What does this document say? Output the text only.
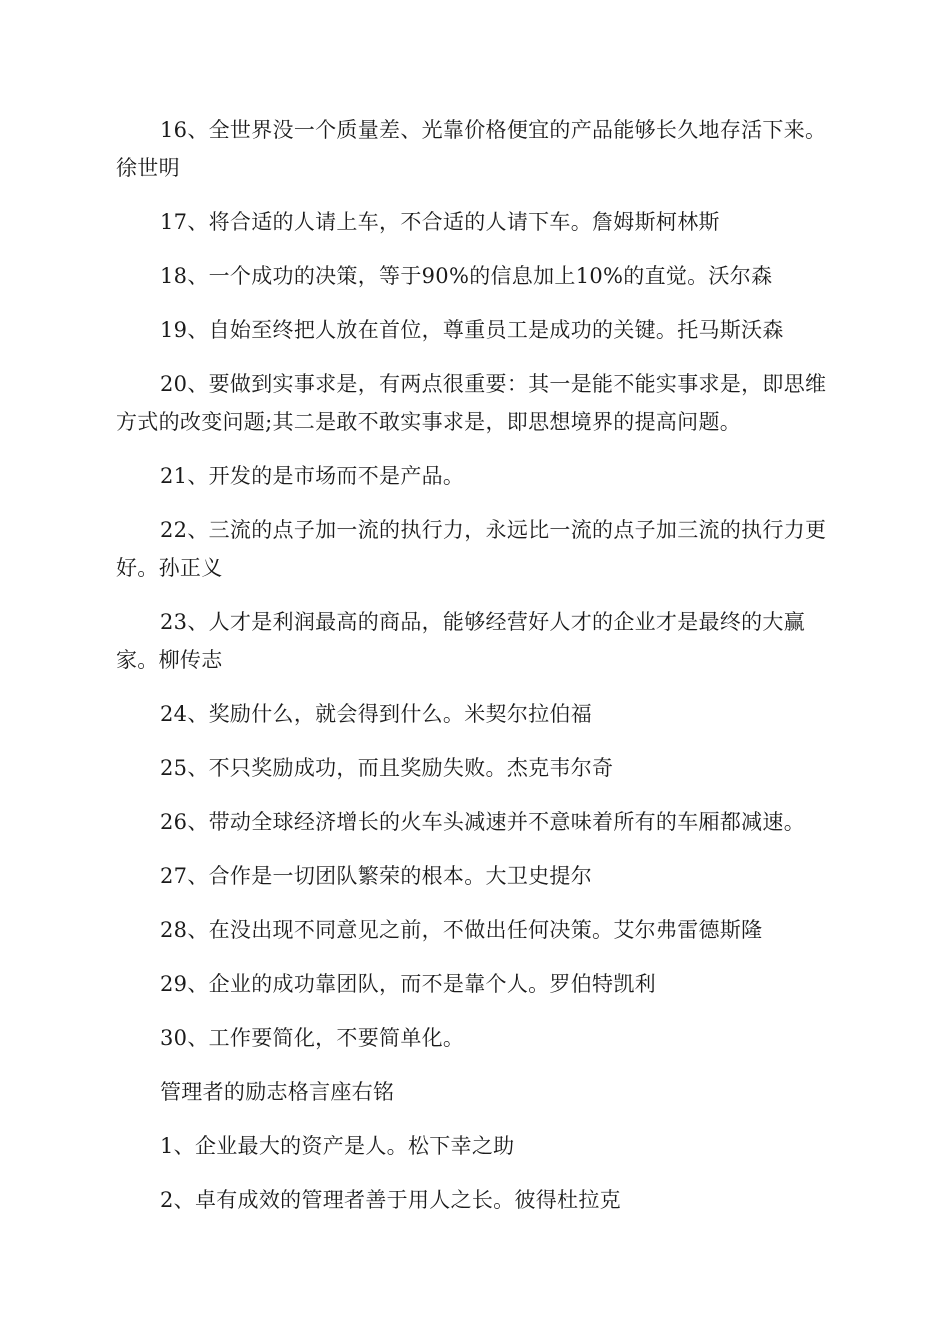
16、全世界没一个质量差、光靠价格便宜的产品能够长久地存活下来。徐世明

17、将合适的人请上车，不合适的人请下车。詹姆斯柯林斯

18、一个成功的决策，等于90%的信息加上10%的直觉。沃尔森

19、自始至终把人放在首位，尊重员工是成功的关键。托马斯沃森

20、要做到实事求是，有两点很重要：其一是能不能实事求是，即思维方式的改变问题;其二是敢不敢实事求是，即思想境界的提高问题。

21、开发的是市场而不是产品。

22、三流的点子加一流的执行力，永远比一流的点子加三流的执行力更好。孙正义

23、人才是利润最高的商品，能够经营好人才的企业才是最终的大赢家。柳传志

24、奖励什么，就会得到什么。米契尔拉伯福

25、不只奖励成功，而且奖励失败。杰克韦尔奇

26、带动全球经济增长的火车头减速并不意味着所有的车厢都减速。

27、合作是一切团队繁荣的根本。大卫史提尔

28、在没出现不同意见之前，不做出任何决策。艾尔弗雷德斯隆

29、企业的成功靠团队，而不是靠个人。罗伯特凯利

30、工作要简化，不要简单化。

管理者的励志格言座右铭

1、企业最大的资产是人。松下幸之助

2、卓有成效的管理者善于用人之长。彼得杜拉克
